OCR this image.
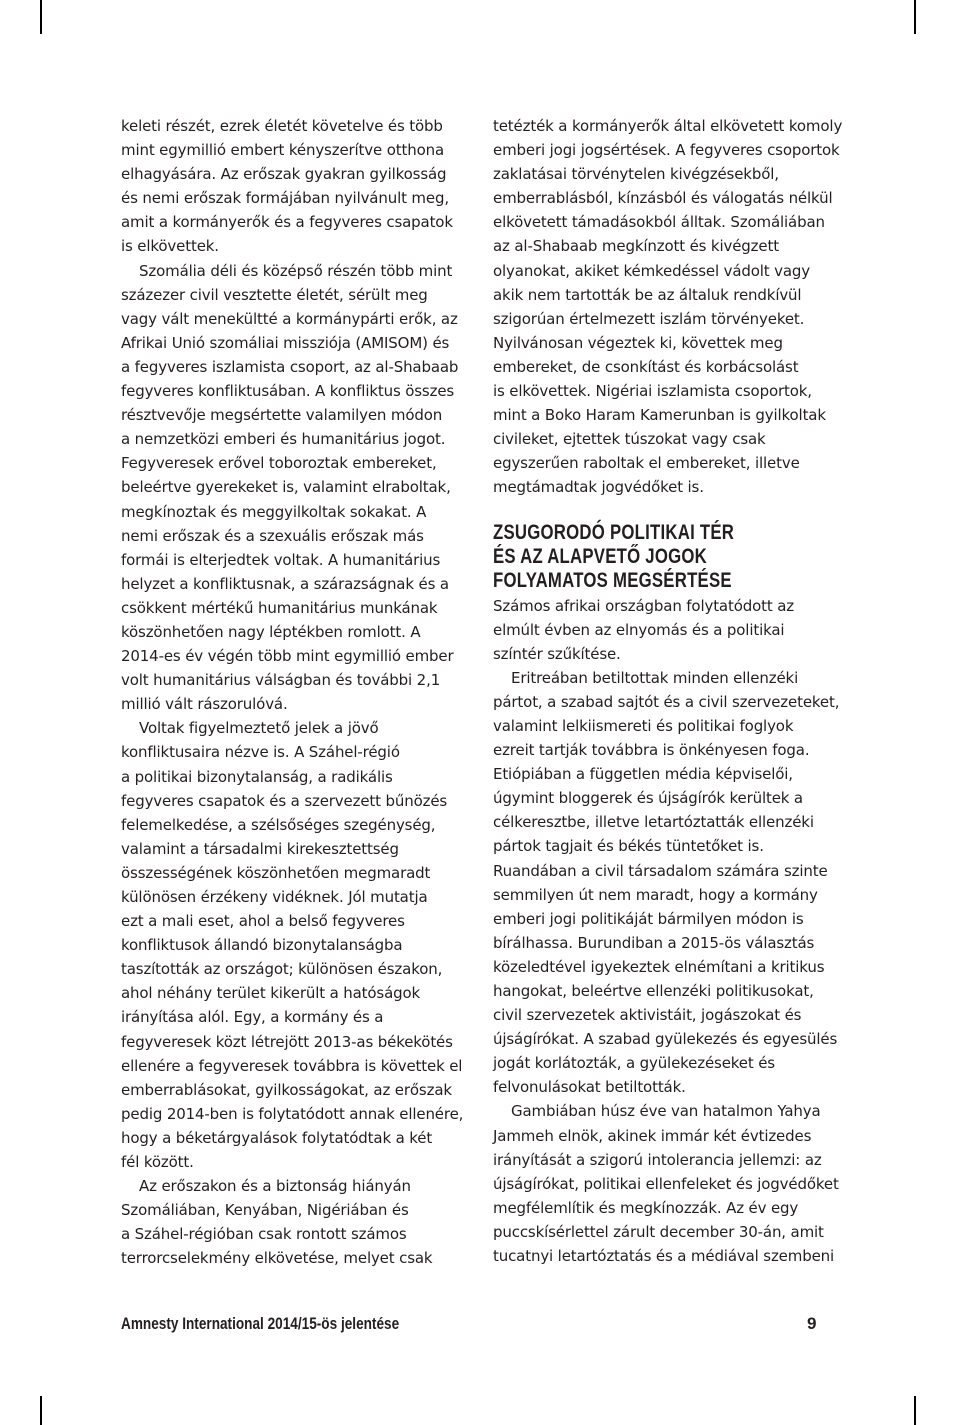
keleti részét, ezrek életét követelve és több
mint egymillió embert kényszerítve otthona
elhagyására. Az erőszak gyakran gyilkosság
és nemi erőszak formájában nyilvánult meg,
amit a kormányerők és a fegyveres csapatok
is elkövettek.
Szomália déli és középső részén több mint
százezer civil vesztette életét, sérült meg
vagy vált menekültté a kormánypárti erők, az
Afrikai Unió szomáliai missziója (AMISOM) és
a fegyveres iszlamista csoport, az al-Shabaab
fegyveres konfliktusában. A konfliktus összes
résztvevője megsértette valamilyen módon
a nemzetközi emberi és humanitárius jogot.
Fegyveresek erővel toboroztak embereket,
beleértve gyerekeket is, valamint elraboltak,
megkínoztak és meggyilkoltak sokakat. A
nemi erőszak és a szexuális erőszak más
formái is elterjedtek voltak. A humanitárius
helyzet a konfliktusnak, a szárazságnak és a
csökkent mértékű humanitárius munkának
köszönhetően nagy léptékben romlott. A
2014-es év végén több mint egymillió ember
volt humanitárius válságban és további 2,1
millió vált rászorulóvá.
Voltak figyelmeztető jelek a jövő
konfliktusaira nézve is. A Száhel-régió
a politikai bizonytalanság, a radikális
fegyveres csapatok és a szervezett bűnözés
felemelkedése, a szélsőséges szegénység,
valamint a társadalmi kirekesztettség
összességének köszönhetően megmaradt
különösen érzékeny vidéknek. Jól mutatja
ezt a mali eset, ahol a belső fegyveres
konfliktusok állandó bizonytalanságba
taszították az országot; különösen északon,
ahol néhány terület kikerült a hatóságok
irányítása alól. Egy, a kormány és a
fegyveresek közt létrejött 2013-as békekötés
ellenére a fegyveresek továbbra is követtek el
emberrablásokat, gyilkosságokat, az erőszak
pedig 2014-ben is folytatódott annak ellenére,
hogy a béketárgyalások folytatódtak a két
fél között.
Az erőszakon és a biztonság hiányán
Szomáliában, Kenyában, Nigériában és
a Száhel-régióban csak rontott számos
terrorcselekmény elkövetése, melyet csak
tetézték a kormányerők által elkövetett komoly
emberi jogi jogsértések. A fegyveres csoportok
zaklatásai törvénytelen kivégzésekből,
emberrablásból, kínzásból és válogatás nélkül
elkövetett támadásokból álltak. Szomáliában
az al-Shabaab megkínzott és kivégzett
olyanokat, akiket kémkedéssel vádolt vagy
akik nem tartották be az általuk rendkívül
szigorúan értelmezett iszlám törvényeket.
Nyilvánosan végeztek ki, követtek meg
embereket, de csonkítást és korbácsolást
is elkövettek. Nigériai iszlamista csoportok,
mint a Boko Haram Kamerunban is gyilkoltak
civileket, ejtettek túszokat vagy csak
egyszerűen raboltak el embereket, illetve
megtámadtak jogvédőket is.
ZSUGORODÓ POLITIKAI TÉR
ÉS AZ ALAPVETŐ JOGOK
FOLYAMATOS MEGSÉRTÉSE
Számos afrikai országban folytatódott az
elmúlt évben az elnyomás és a politikai
színtér szűkítése.
Eritreában betiltottak minden ellenzéki
pártot, a szabad sajtót és a civil szervezeteket,
valamint lelkiismereti és politikai foglyok
ezreit tartják továbbra is önkényesen foga.
Etiópiában a független média képviselői,
úgymint bloggerek és újságírók kerültek a
célkeresztbe, illetve letartóztatták ellenzéki
pártok tagjait és békés tüntetőket is.
Ruandában a civil társadalom számára szinte
semmilyen út nem maradt, hogy a kormány
emberi jogi politikáját bármilyen módon is
bírálhassa. Burundiban a 2015-ös választás
közeledtével igyekeztek elnémítani a kritikus
hangokat, beleértve ellenzéki politikusokat,
civil szervezetek aktivistáit, jogászokat és
újságírókat. A szabad gyülekezés és egyesülés
jogát korlátozták, a gyülekezéseket és
felvonulásokat betiltották.
Gambiában húsz éve van hatalmon Yahya
Jammeh elnök, akinek immár két évtizedes
irányítását a szigorú intolerancia jellemzi: az
újságírókat, politikai ellenfeleket és jogvédőket
megfélemlítik és megkínozzák. Az év egy
puccskísérlettel zárult december 30-án, amit
tucatnyi letartóztatás és a médiával szembeni
Amnesty International 2014/15-ös jelentése	9
